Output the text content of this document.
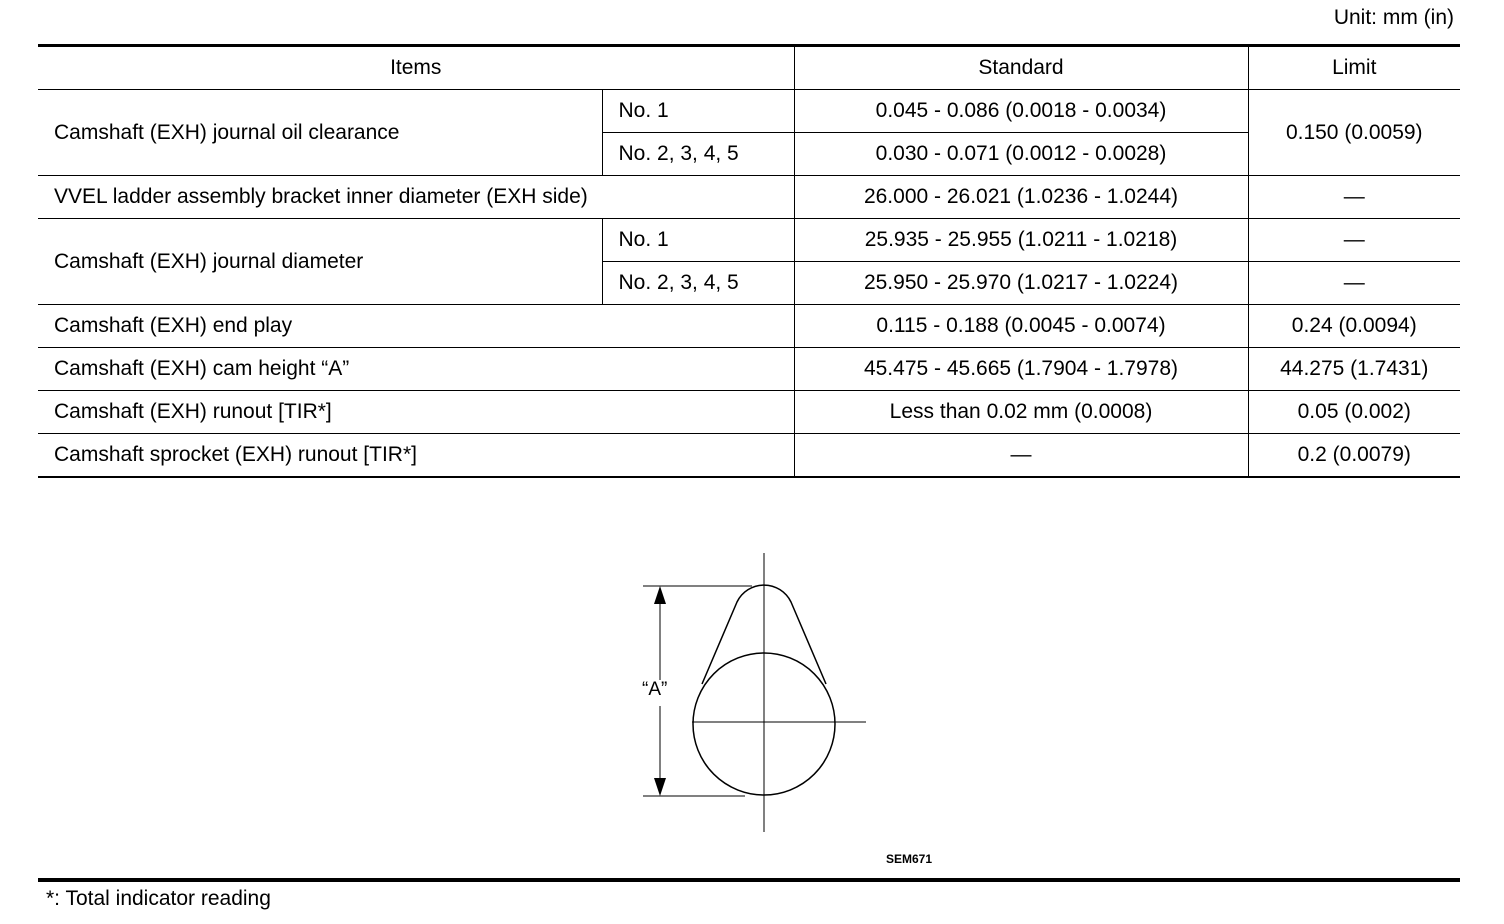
Unit: mm (in)
Items		Standard	Limit
Camshaft (EXH) journal oil clearance	No. 1	0.045 - 0.086 (0.0018 - 0.0034)	0.150 (0.0059)
	No. 2, 3, 4, 5	0.030 - 0.071 (0.0012 - 0.0028)	
VVEL ladder assembly bracket inner diameter (EXH side)		26.000 - 26.021 (1.0236 - 1.0244)	—
Camshaft (EXH) journal diameter	No. 1	25.935 - 25.955 (1.0211 - 1.0218)	—
	No. 2, 3, 4, 5	25.950 - 25.970 (1.0217 - 1.0224)	—
Camshaft (EXH) end play		0.115 - 0.188 (0.0045 - 0.0074)	0.24 (0.0094)
Camshaft (EXH) cam height “A”		45.475 - 45.665 (1.7904 - 1.7978)	44.275 (1.7431)
Camshaft (EXH) runout [TIR*]		Less than 0.02 mm (0.0008)	0.05 (0.002)
Camshaft sprocket (EXH) runout [TIR*]		—	0.2 (0.0079)
“A”
SEM671
*: Total indicator reading
